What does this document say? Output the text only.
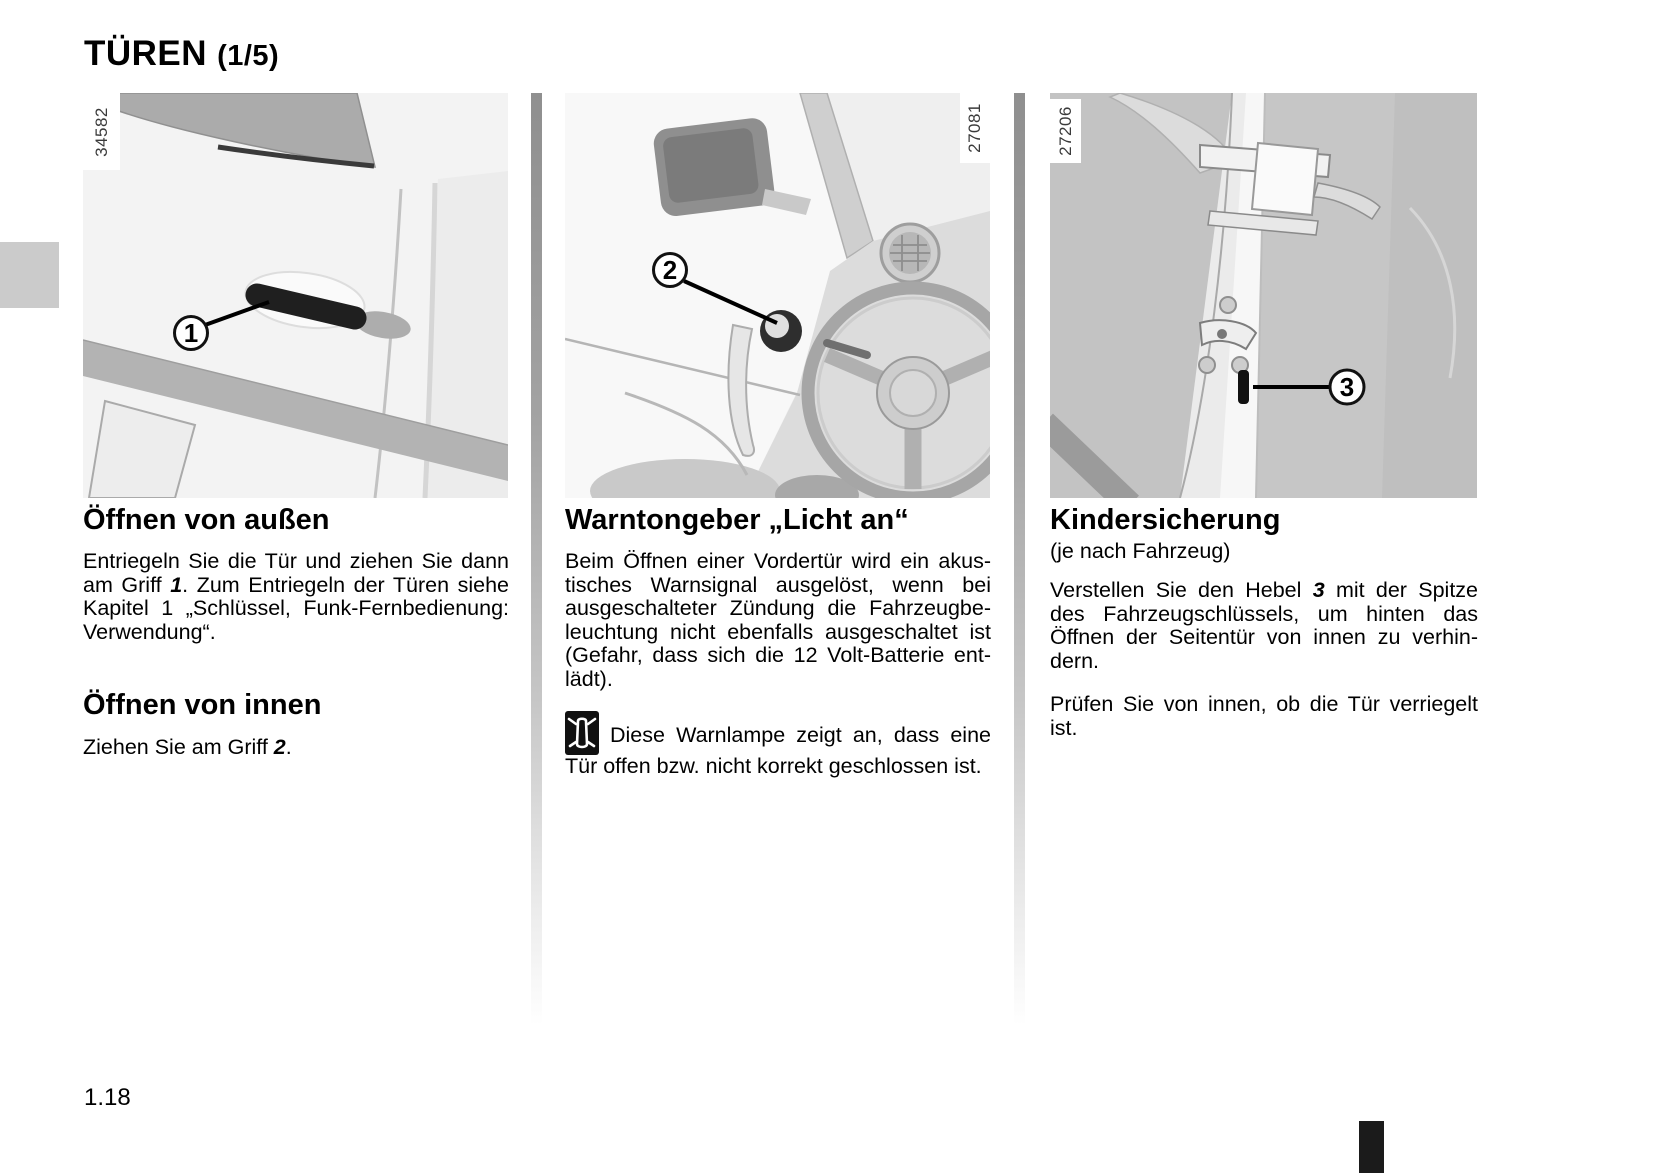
TÜREN (1/5)
1
34582
2
27081
3
27206
Öffnen von außen

Entriegeln Sie die Tür und ziehen Sie dann am Griff 1. Zum Entriegeln der Türen siehe Kapitel 1 „Schlüssel, Funk-Fernbedienung: Verwendung“.

Öffnen von innen

Ziehen Sie am Griff 2.

Warntongeber „Licht an“

Beim Öffnen einer Vordertür wird ein akustisches Warnsignal ausgelöst, wenn bei ausgeschalteter Zündung die Fahrzeugbeleuchtung nicht ebenfalls ausgeschaltet ist (Gefahr, dass sich die 12 Volt-Batterie entlädt).

Diese Warnlampe zeigt an, dass eine Tür offen bzw. nicht korrekt geschlossen ist.

Kindersicherung
(je nach Fahrzeug)

Verstellen Sie den Hebel 3 mit der Spitze des Fahrzeugschlüssels, um hinten das Öffnen der Seitentür von innen zu verhindern.

Prüfen Sie von innen, ob die Tür verriegelt ist.

1.18
